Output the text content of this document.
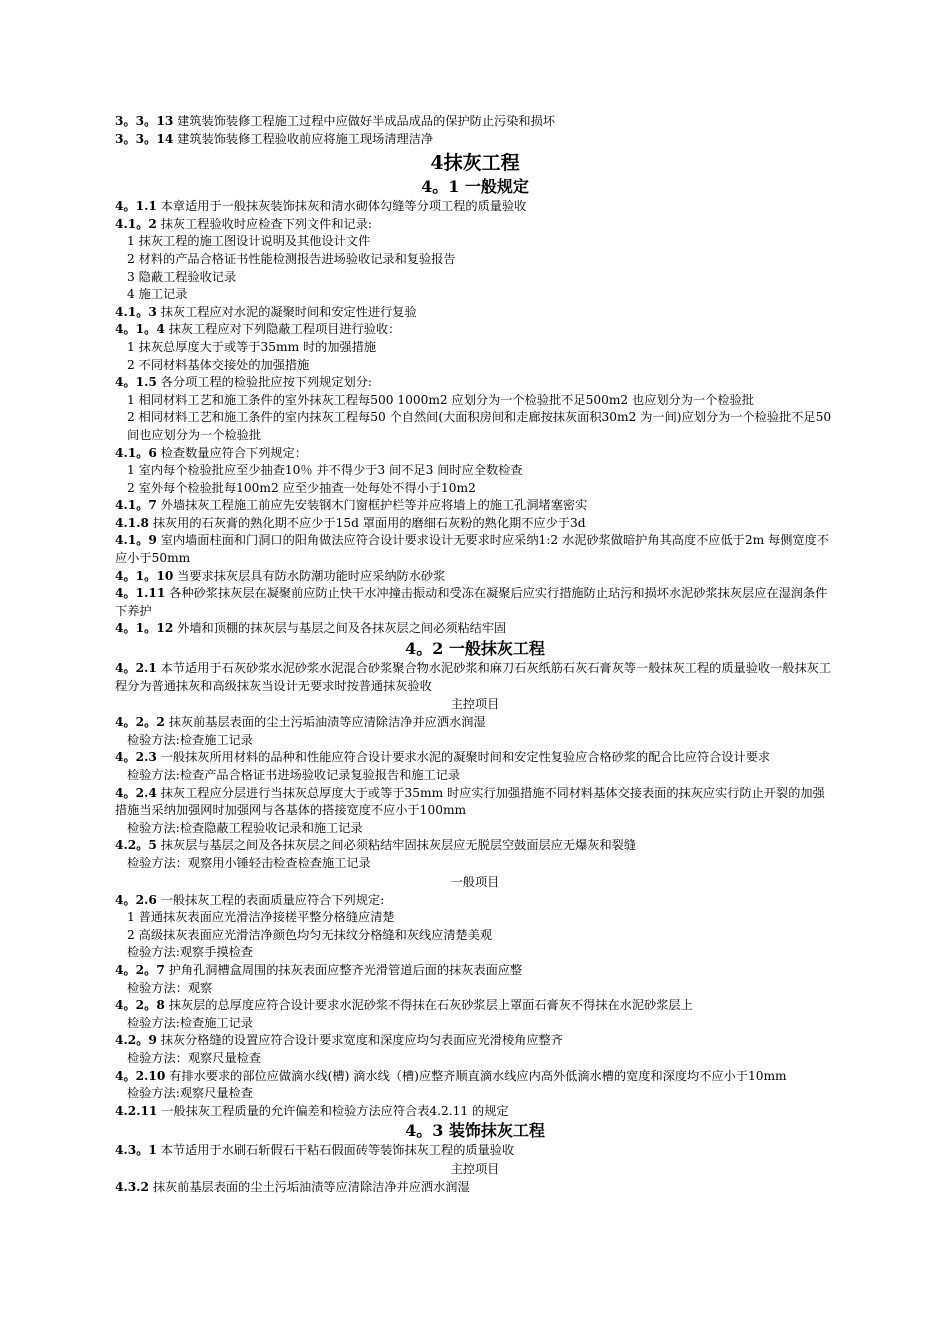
3。3。13 建筑装饰装修工程施工过程中应做好半成品成品的保护防止污染和损坏

3。3。14 建筑装饰装修工程验收前应将施工现场清理洁净

4抹灰工程
4。1 一般规定

4。1.1 本章适用于一般抹灰装饰抹灰和清水砌体勾缝等分项工程的质量验收

4.1。2 抹灰工程验收时应检查下列文件和记录:

1 抹灰工程的施工图设计说明及其他设计文件

2 材料的产品合格证书性能检测报告进场验收记录和复验报告

3 隐蔽工程验收记录

4 施工记录

4.1。3 抹灰工程应对水泥的凝聚时间和安定性进行复验

4。1。4 抹灰工程应对下列隐蔽工程项目进行验收：

1 抹灰总厚度大于或等于35mm 时的加强措施

2 不同材料基体交接处的加强措施

4。1.5 各分项工程的检验批应按下列规定划分:

1 相同材料工艺和施工条件的室外抹灰工程每500 1000m2 应划分为一个检验批不足500m2 也应划分为一个检验批

2 相同材料工艺和施工条件的室内抹灰工程每50 个自然间(大面积房间和走廊按抹灰面积30m2 为一间)应划分为一个检验批不足50 间也应划分为一个检验批

4.1。6 检查数量应符合下列规定：

1 室内每个检验批应至少抽查10％ 并不得少于3 间不足3 间时应全数检查

2 室外每个检验批每100m2 应至少抽查一处每处不得小于10m2

4.1。7 外墙抹灰工程施工前应先安装钢木门窗框护栏等并应将墙上的施工孔洞堵塞密实

4.1.8 抹灰用的石灰膏的熟化期不应少于15d 罩面用的磨细石灰粉的熟化期不应少于3d

4.1。9 室内墙面柱面和门洞口的阳角做法应符合设计要求设计无要求时应采纳1:2 水泥砂浆做暗护角其高度不应低于2m 每侧宽度不应小于50mm

4。1。10 当要求抹灰层具有防水防潮功能时应采纳防水砂浆

4。1.11 各种砂浆抹灰层在凝聚前应防止快干水冲撞击振动和受冻在凝聚后应实行措施防止玷污和损坏水泥砂浆抹灰层应在湿润条件下养护

4。1。12 外墙和顶棚的抹灰层与基层之间及各抹灰层之间必须粘结牢固

4。2 一般抹灰工程

4。2.1 本节适用于石灰砂浆水泥砂浆水泥混合砂浆聚合物水泥砂浆和麻刀石灰纸筋石灰石膏灰等一般抹灰工程的质量验收一般抹灰工程分为普通抹灰和高级抹灰当设计无要求时按普通抹灰验收

主控项目

4。2。2 抹灰前基层表面的尘土污垢油渍等应清除洁净并应洒水润湿

检验方法:检查施工记录

4。2.3 一般抹灰所用材料的品种和性能应符合设计要求水泥的凝聚时间和安定性复验应合格砂浆的配合比应符合设计要求

检验方法:检查产品合格证书进场验收记录复验报告和施工记录

4。2.4 抹灰工程应分层进行当抹灰总厚度大于或等于35mm 时应实行加强措施不同材料基体交接表面的抹灰应实行防止开裂的加强措施当采纳加强网时加强网与各基体的搭接宽度不应小于100mm

检验方法:检查隐蔽工程验收记录和施工记录

4.2。5 抹灰层与基层之间及各抹灰层之间必须粘结牢固抹灰层应无脱层空鼓面层应无爆灰和裂缝

检验方法：观察用小锤轻击检查检查施工记录

一般项目

4。2.6 一般抹灰工程的表面质量应符合下列规定:

1 普通抹灰表面应光滑洁净接槎平整分格缝应清楚

2 高级抹灰表面应光滑洁净颜色均匀无抹纹分格缝和灰线应清楚美观

检验方法:观察手摸检查

4。2。7 护角孔洞槽盒周围的抹灰表面应整齐光滑管道后面的抹灰表面应整

检验方法：观察

4。2。8 抹灰层的总厚度应符合设计要求水泥砂浆不得抹在石灰砂浆层上罩面石膏灰不得抹在水泥砂浆层上

检验方法:检查施工记录

4.2。9 抹灰分格缝的设置应符合设计要求宽度和深度应均匀表面应光滑棱角应整齐

检验方法：观察尺量检查

4。2.10 有排水要求的部位应做滴水线(槽) 滴水线（槽)应整齐顺直滴水线应内高外低滴水槽的宽度和深度均不应小于10mm

检验方法:观察尺量检查

4.2.11 一般抹灰工程质量的允许偏差和检验方法应符合表4.2.11 的规定

4。3 装饰抹灰工程

4.3。1 本节适用于水刷石斩假石干粘石假面砖等装饰抹灰工程的质量验收

主控项目

4.3.2 抹灰前基层表面的尘土污垢油渍等应清除洁净并应洒水润湿
